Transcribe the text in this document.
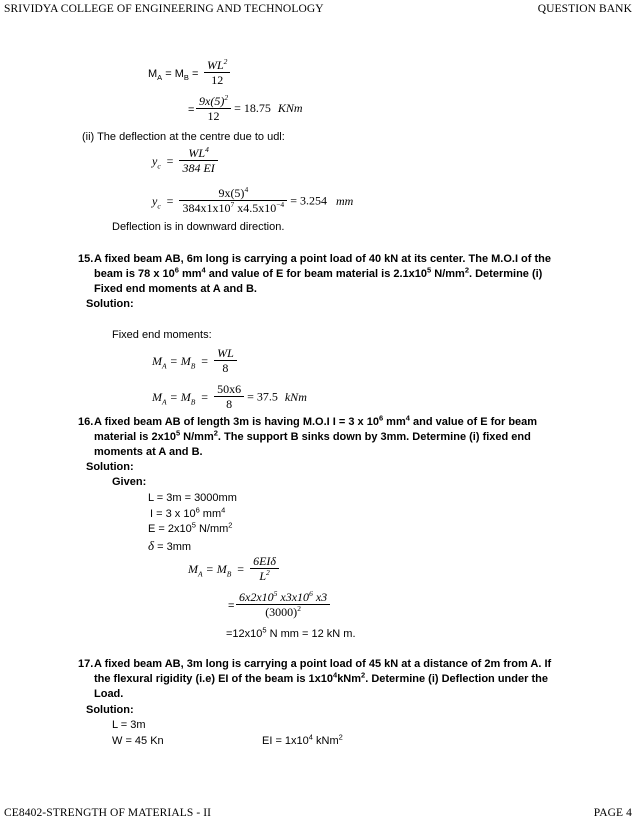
SRIVIDYA COLLEGE OF ENGINEERING AND TECHNOLOGY	QUESTION BANK
$M_A = M_B = \frac{WL^2}{12}$
= $\frac{9x(5)^2}{12} = 18.75$ KNm
(ii) The deflection at the centre due to udl:
$y_c = \frac{WL^4}{384 EI}$
$y_c = \frac{9x(5)^4}{384x1x10^7 x4.5x10^{-4}} = 3.254$ mm
Deflection is in downward direction.
15. A fixed beam AB, 6m long is carrying a point load of 40 kN at its center. The M.O.I of the
beam is 78 x $10^6$ $mm^4$ and value of E for beam material is $2.1x10^5$ $N/mm^2$. Determine (i)
Fixed end moments at A and B.
Solution:
Fixed end moments:
$M_A = M_B = \frac{WL}{8}$
$M_A = M_B = \frac{50x6}{8} = 37.5$ kNm
16. A fixed beam AB of length 3m is having M.O.I I = 3 x $10^6$ $mm^4$ and value of E for beam
material is $2x10^5$ $N/mm^2$. The support B sinks down by 3mm. Determine (i) fixed end
moments at A and B.
Solution:
Given:
L = 3m = 3000mm
I = 3 x $10^6$ $mm^4$
$E = 2x10^5$ $N/mm^2$
δ = 3mm
$M_A = M_B = \frac{\text{6EIδ}}{L^2}$
= $\frac{6x2x10^5 x3x10^6 x3}{(3000)^2}$
$=12x10^5$ N mm = 12 kN m.
17. A fixed beam AB, 3m long is carrying a point load of 45 kN at a distance of 2m from A. If
the flexural rigidity (i.e) EI of the beam is $1x10^4kNm^2$. Determine (i) Deflection under the
Load.
Solution:
L = 3m
W = 45 Kn	EI = $1x10^4$ kNm$^2$
CE8402-STRENGTH OF MATERIALS - II	PAGE 4
